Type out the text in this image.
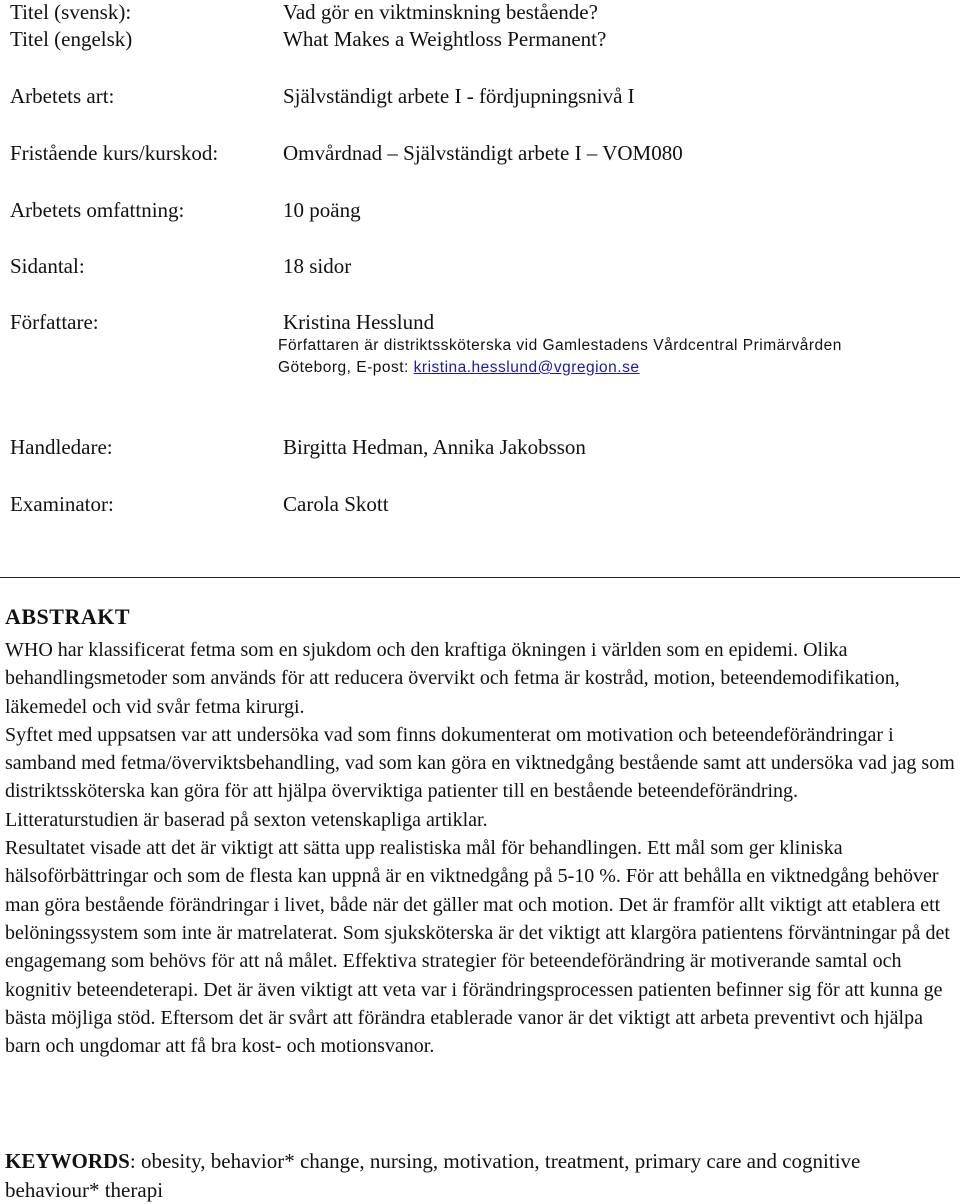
Titel (svensk):	Vad gör en viktminskning bestående?
Titel (engelsk)	What Makes a Weightloss Permanent?
Arbetets art:	Självständigt arbete I - fördjupningsnivå I
Fristående kurs/kurskod:	Omvårdnad – Självständigt arbete I – VOM080
Arbetets omfattning:	10 poäng
Sidantal:	18 sidor
Författare:	Kristina Hesslund
Författaren är distriktssköterska vid Gamlestadens Vårdcentral Primärvården
Göteborg, E-post: kristina.hesslund@vgregion.se
Handledare:	Birgitta Hedman, Annika Jakobsson
Examinator:	Carola Skott
ABSTRAKT

WHO har klassificerat fetma som en sjukdom och den kraftiga ökningen i världen som en epidemi. Olika behandlingsmetoder som används för att reducera övervikt och fetma är kostråd, motion, beteendemodifikation, läkemedel och vid svår fetma kirurgi.

Syftet med uppsatsen var att undersöka vad som finns dokumenterat om motivation och beteendeförändringar i samband med fetma/överviktsbehandling, vad som kan göra en viktnedgång bestående samt att undersöka vad jag som distriktssköterska kan göra för att hjälpa överviktiga patienter till en bestående beteendeförändring.

Litteraturstudien är baserad på sexton vetenskapliga artiklar.

Resultatet visade att det är viktigt att sätta upp realistiska mål för behandlingen. Ett mål som ger kliniska hälsoförbättringar och som de flesta kan uppnå är en viktnedgång på 5-10 %. För att behålla en viktnedgång behöver man göra bestående förändringar i livet, både när det gäller mat och motion. Det är framför allt viktigt att etablera ett belöningssystem som inte är matrelaterat. Som sjuksköterska är det viktigt att klargöra patientens förväntningar på det engagemang som behövs för att nå målet. Effektiva strategier för beteendeförändring är motiverande samtal och kognitiv beteendeterapi. Det är även viktigt att veta var i förändringsprocessen patienten befinner sig för att kunna ge bästa möjliga stöd. Eftersom det är svårt att förändra etablerade vanor är det viktigt att arbeta preventivt och hjälpa barn och ungdomar att få bra kost- och motionsvanor.

KEYWORDS: obesity, behavior* change, nursing, motivation, treatment, primary care and cognitive behaviour* therapi
